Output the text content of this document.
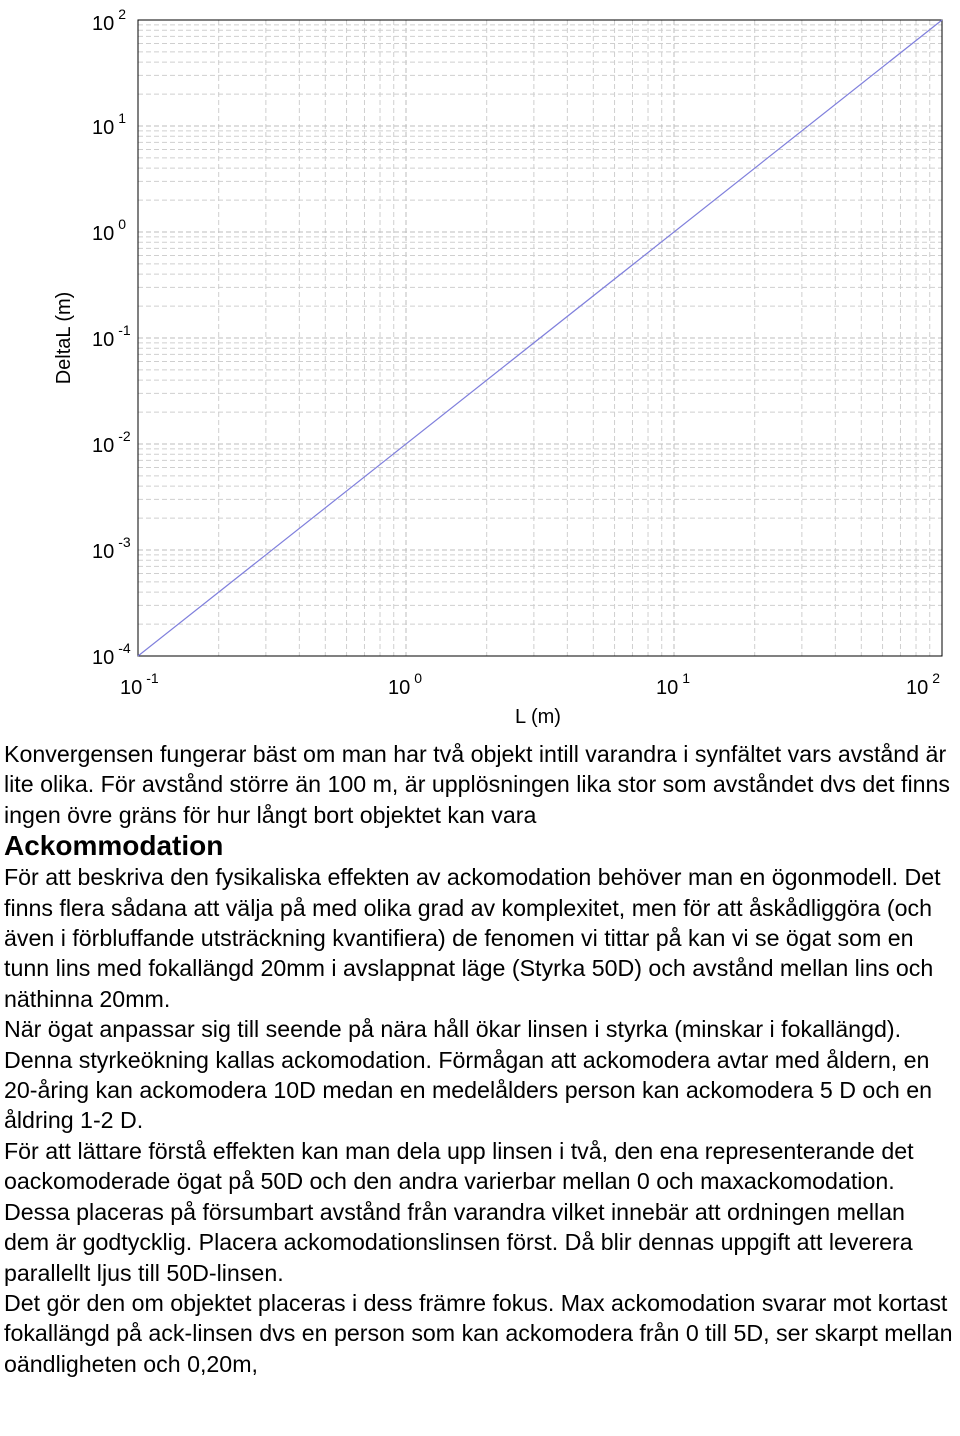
10 -1	10 0	10 1	10 2
10 2
10 1
10 0
10 -1
10 -2
10 -3
10 -4
L (m)
DeltaL (m)

Konvergensen fungerar bäst om man har två objekt intill varandra i synfältet vars avstånd är lite olika. För avstånd större än 100 m, är upplösningen lika stor som avståndet dvs det finns ingen övre gräns för hur långt bort objektet kan vara

Ackommodation

För att beskriva den fysikaliska effekten av ackomodation behöver man en ögonmodell. Det finns flera sådana att välja på med olika grad av komplexitet, men för att åskådliggöra (och även i förbluffande utsträckning kvantifiera) de fenomen vi tittar på kan vi se ögat som en tunn lins med fokallängd 20mm i avslappnat läge (Styrka 50D) och avstånd mellan lins och näthinna 20mm.

När ögat anpassar sig till seende på nära håll ökar linsen i styrka (minskar i fokallängd). Denna styrkeökning kallas ackomodation. Förmågan att ackomodera avtar med åldern, en 20-åring kan ackomodera 10D medan en medelålders person kan ackomodera 5 D och en åldring 1-2 D.

För att lättare förstå effekten kan man dela upp linsen i två, den ena representerande det oackomoderade ögat på 50D och den andra varierbar mellan 0 och maxackomodation. Dessa placeras på försumbart avstånd från varandra vilket innebär att ordningen mellan dem är godtycklig. Placera ackomodationslinsen först. Då blir dennas uppgift att leverera parallellt ljus till 50D-linsen.

Det gör den om objektet placeras i dess främre fokus. Max ackomodation svarar mot kortast fokallängd på ack-linsen dvs en person som kan ackomodera från 0 till 5D, ser skarpt mellan oändligheten och 0,20m,
